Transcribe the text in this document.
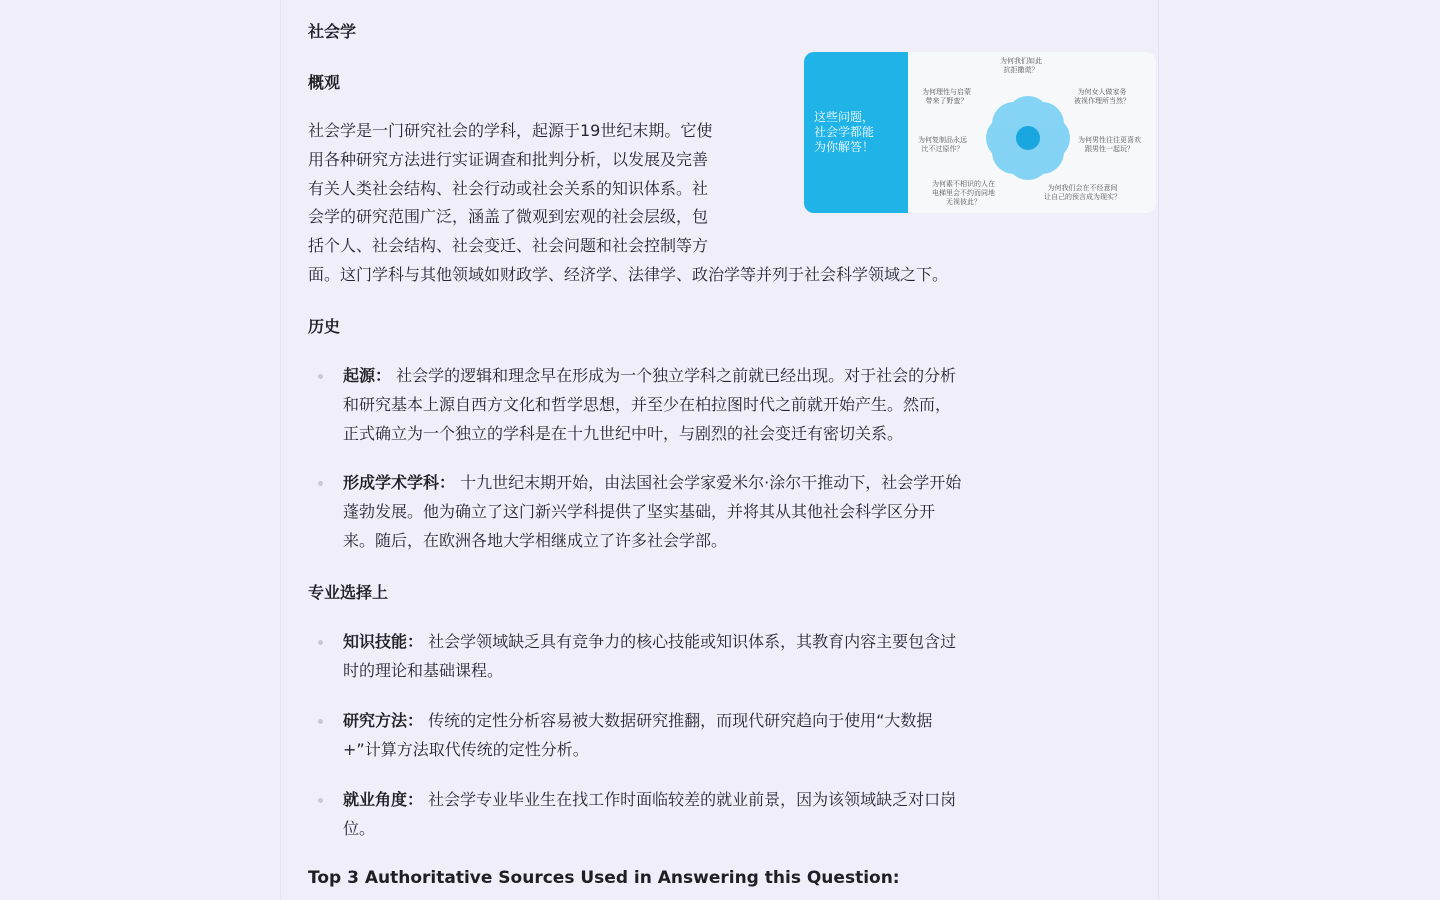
社会学
概观
社会学是一门研究社会的学科，起源于19世纪末期。它使
用各种研究方法进行实证调查和批判分析，以发展及完善
有关人类社会结构、社会行动或社会关系的知识体系。社
会学的研究范围广泛，涵盖了微观到宏观的社会层级，包
括个人、社会结构、社会变迁、社会问题和社会控制等方
面。这门学科与其他领域如财政学、经济学、法律学、政治学等并列于社会科学领域之下。
这些问题，
社会学都能
为你解答！
为何我们如此
抗拒撒谎？
为何理性与启蒙
带来了野蛮？
为何女人做家务
被视作理所当然？
为何复制品永远
比不过原作？
为何男性往往更喜欢
跟男性一起玩？
为何素不相识的人在
电梯里会不约而同地
无视彼此？
为何我们会在不经意间
让自己的预言成为现实？
历史
起源： 社会学的逻辑和理念早在形成为一个独立学科之前就已经出现。对于社会的分析
和研究基本上源自西方文化和哲学思想，并至少在柏拉图时代之前就开始产生。然而，
正式确立为一个独立的学科是在十九世纪中叶，与剧烈的社会变迁有密切关系。
形成学术学科： 十九世纪末期开始，由法国社会学家爱米尔·涂尔干推动下，社会学开始
蓬勃发展。他为确立了这门新兴学科提供了坚实基础，并将其从其他社会科学区分开
来。随后，在欧洲各地大学相继成立了许多社会学部。
专业选择上
知识技能： 社会学领域缺乏具有竞争力的核心技能或知识体系，其教育内容主要包含过
时的理论和基础课程。
研究方法： 传统的定性分析容易被大数据研究推翻，而现代研究趋向于使用“大数据
+”计算方法取代传统的定性分析。
就业角度： 社会学专业毕业生在找工作时面临较差的就业前景，因为该领域缺乏对口岗
位。
Top 3 Authoritative Sources Used in Answering this Question:
